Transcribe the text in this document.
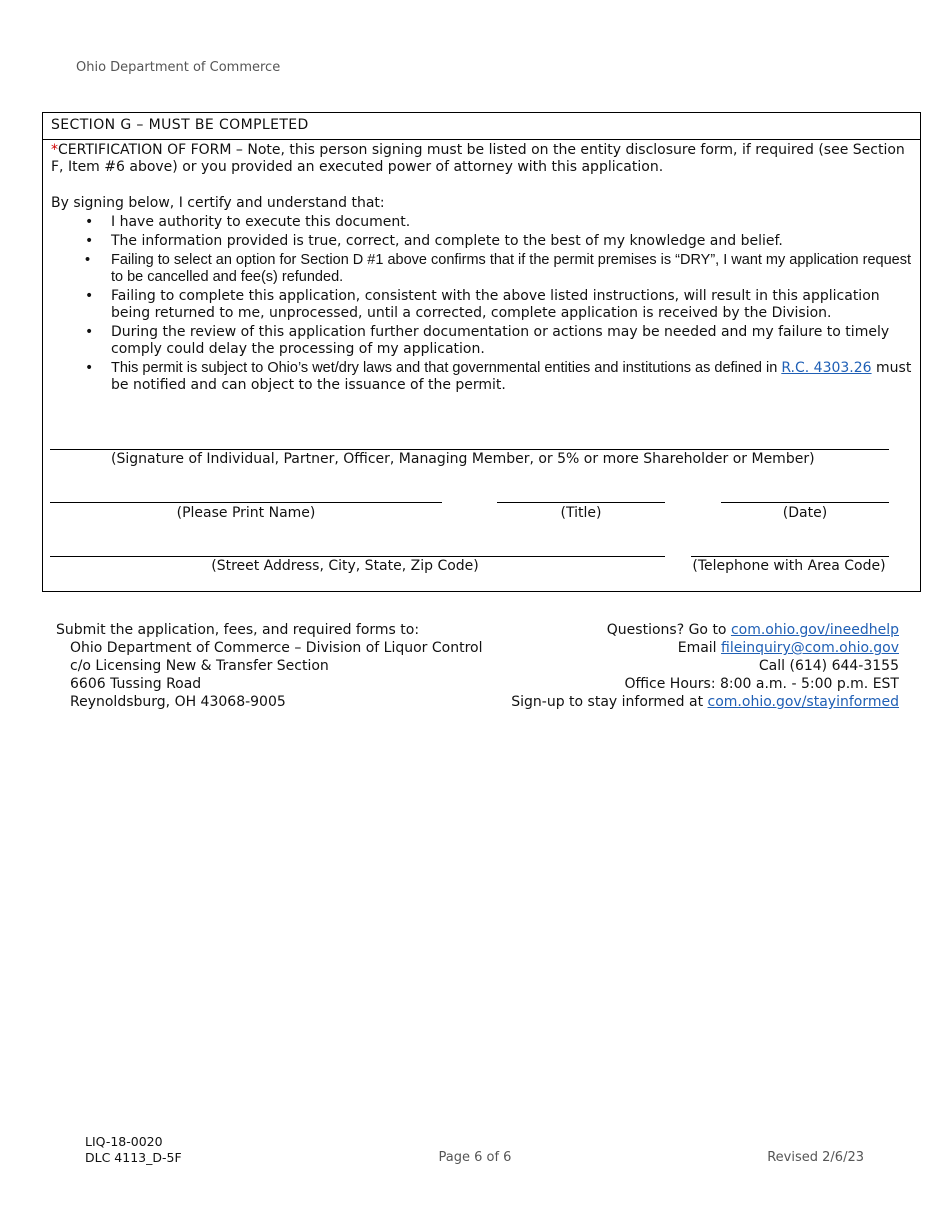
Ohio Department of Commerce
SECTION G – MUST BE COMPLETED
*CERTIFICATION OF FORM – Note, this person signing must be listed on the entity disclosure form, if required (see Section F, Item #6 above) or you provided an executed power of attorney with this application.
By signing below, I certify and understand that:
• I have authority to execute this document.
• The information provided is true, correct, and complete to the best of my knowledge and belief.
• Failing to select an option for Section D #1 above confirms that if the permit premises is “DRY”, I want my application request to be cancelled and fee(s) refunded.
• Failing to complete this application, consistent with the above listed instructions, will result in this application being returned to me, unprocessed, until a corrected, complete application is received by the Division.
• During the review of this application further documentation or actions may be needed and my failure to timely comply could delay the processing of my application.
• This permit is subject to Ohio’s wet/dry laws and that governmental entities and institutions as defined in R.C. 4303.26 must be notified and can object to the issuance of the permit.
(Signature of Individual, Partner, Officer, Managing Member, or 5% or more Shareholder or Member)
(Please Print Name)	(Title)	(Date)
(Street Address, City, State, Zip Code)	(Telephone with Area Code)
Submit the application, fees, and required forms to:
Ohio Department of Commerce – Division of Liquor Control
c/o Licensing New & Transfer Section
6606 Tussing Road
Reynoldsburg, OH 43068-9005
Questions? Go to com.ohio.gov/ineedhelp
Email fileinquiry@com.ohio.gov
Call (614) 644-3155
Office Hours: 8:00 a.m. - 5:00 p.m. EST
Sign-up to stay informed at com.ohio.gov/stayinformed
LIQ-18-0020
DLC 4113_D-5F	Page 6 of 6	Revised 2/6/23
